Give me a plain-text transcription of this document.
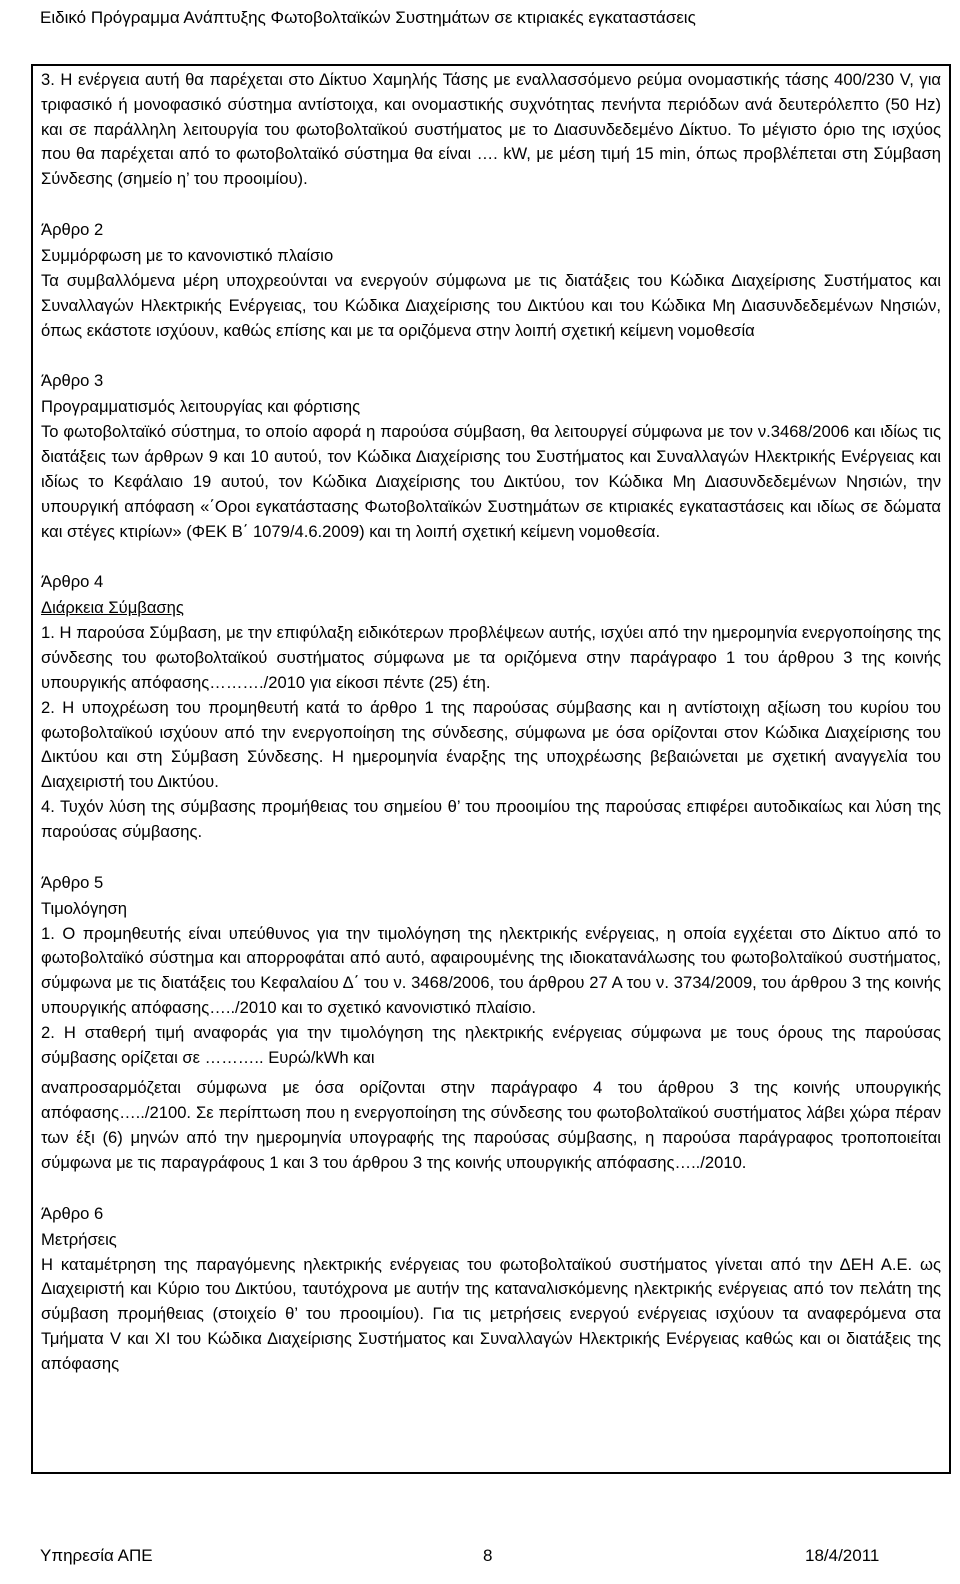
Ειδικό Πρόγραμμα Ανάπτυξης Φωτοβολταϊκών Συστημάτων σε κτιριακές εγκαταστάσεις

3. Η ενέργεια αυτή θα παρέχεται στο Δίκτυο Χαμηλής Τάσης με εναλλασσόμενο ρεύμα ονομαστικής τάσης 400/230 V, για τριφασικό ή μονοφασικό σύστημα αντίστοιχα, και ονομαστικής συχνότητας πενήντα περιόδων ανά δευτερόλεπτο (50 Hz) και σε παράλληλη λειτουργία του φωτοβολταϊκού συστήματος με το Διασυνδεδεμένο Δίκτυο. Το μέγιστο όριο της ισχύος που θα παρέχεται από το φωτοβολταϊκό σύστημα θα είναι …. kW, με μέση τιμή 15 min, όπως προβλέπεται στη Σύμβαση Σύνδεσης (σημείο η’ του προοιμίου).

Άρθρο 2

Συμμόρφωση με το κανονιστικό πλαίσιο

Τα συμβαλλόμενα μέρη υποχρεούνται να ενεργούν σύμφωνα με τις διατάξεις του Κώδικα Διαχείρισης Συστήματος και Συναλλαγών Ηλεκτρικής Ενέργειας, του Κώδικα Διαχείρισης του Δικτύου και του Κώδικα Μη Διασυνδεδεμένων Νησιών, όπως εκάστοτε ισχύουν, καθώς επίσης και με τα οριζόμενα στην λοιπή σχετική κείμενη νομοθεσία

Άρθρο 3

Προγραμματισμός λειτουργίας και φόρτισης

Το φωτοβολταϊκό σύστημα, το οποίο αφορά η παρούσα σύμβαση, θα λειτουργεί σύμφωνα με τον ν.3468/2006 και ιδίως τις διατάξεις των άρθρων 9 και 10 αυτού, τον Κώδικα Διαχείρισης του Συστήματος και Συναλλαγών Ηλεκτρικής Ενέργειας και ιδίως το Κεφάλαιο 19 αυτού, τον Κώδικα Διαχείρισης του Δικτύου, τον Κώδικα Μη Διασυνδεδεμένων Νησιών, την υπουργική απόφαση «΄Οροι εγκατάστασης Φωτοβολταϊκών Συστημάτων σε κτιριακές εγκαταστάσεις και ιδίως σε δώματα και στέγες κτιρίων» (ΦΕΚ Β΄ 1079/4.6.2009) και τη λοιπή σχετική κείμενη νομοθεσία.

Άρθρο 4

Διάρκεια Σύμβασης

1. Η παρούσα Σύμβαση, με την επιφύλαξη ειδικότερων προβλέψεων αυτής, ισχύει από την ημερομηνία ενεργοποίησης της σύνδεσης του φωτοβολταϊκού συστήματος σύμφωνα με τα οριζόμενα στην παράγραφο 1 του άρθρου 3 της κοινής υπουργικής απόφασης………./2010 για είκοσι πέντε (25) έτη.

2. Η υποχρέωση του προμηθευτή κατά το άρθρο 1 της παρούσας σύμβασης και η αντίστοιχη αξίωση του κυρίου του φωτοβολταϊκού ισχύουν από την ενεργοποίηση της σύνδεσης, σύμφωνα με όσα ορίζονται στον Κώδικα Διαχείρισης του Δικτύου και στη Σύμβαση Σύνδεσης. Η ημερομηνία έναρξης της υποχρέωσης βεβαιώνεται με σχετική αναγγελία του Διαχειριστή του Δικτύου.

4. Τυχόν λύση της σύμβασης προμήθειας του σημείου θ’ του προοιμίου της παρούσας επιφέρει αυτοδικαίως και λύση της παρούσας σύμβασης.

Άρθρο 5

Τιμολόγηση

1. Ο προμηθευτής είναι υπεύθυνος για την τιμολόγηση της ηλεκτρικής ενέργειας, η οποία εγχέεται στο Δίκτυο από το φωτοβολταϊκό σύστημα και απορροφάται από αυτό, αφαιρουμένης της ιδιοκατανάλωσης του φωτοβολταϊκού συστήματος, σύμφωνα με τις διατάξεις του Κεφαλαίου Δ΄ του ν. 3468/2006, του άρθρου 27 Α του ν. 3734/2009, του άρθρου 3 της κοινής υπουργικής απόφασης…../2010 και το σχετικό κανονιστικό πλαίσιο.

2. Η σταθερή τιμή αναφοράς για την τιμολόγηση της ηλεκτρικής ενέργειας σύμφωνα με τους όρους της παρούσας σύμβασης ορίζεται σε ……….. Ευρώ/kWh και

αναπροσαρμόζεται σύμφωνα με όσα ορίζονται στην παράγραφο 4 του άρθρου 3 της κοινής υπουργικής απόφασης…../2100. Σε περίπτωση που η ενεργοποίηση της σύνδεσης του φωτοβολταϊκού συστήματος λάβει χώρα πέραν των έξι (6) μηνών από την ημερομηνία υπογραφής της παρούσας σύμβασης, η παρούσα παράγραφος τροποποιείται σύμφωνα με τις παραγράφους 1 και 3 του άρθρου 3 της κοινής υπουργικής απόφασης…../2010.

Άρθρο 6

Μετρήσεις

Η καταμέτρηση της παραγόμενης ηλεκτρικής ενέργειας του φωτοβολταϊκού συστήματος γίνεται από την ΔΕΗ Α.Ε. ως Διαχειριστή και Κύριο του Δικτύου, ταυτόχρονα με αυτήν της καταναλισκόμενης ηλεκτρικής ενέργειας από τον πελάτη της σύμβαση προμήθειας (στοιχείο θ’ του προοιμίου). Για τις μετρήσεις ενεργού ενέργειας ισχύουν τα αναφερόμενα στα Τμήματα V και XI του Κώδικα Διαχείρισης Συστήματος και Συναλλαγών Ηλεκτρικής Ενέργειας καθώς και οι διατάξεις της απόφασης

Υπηρεσία ΑΠΕ	8	18/4/2011
